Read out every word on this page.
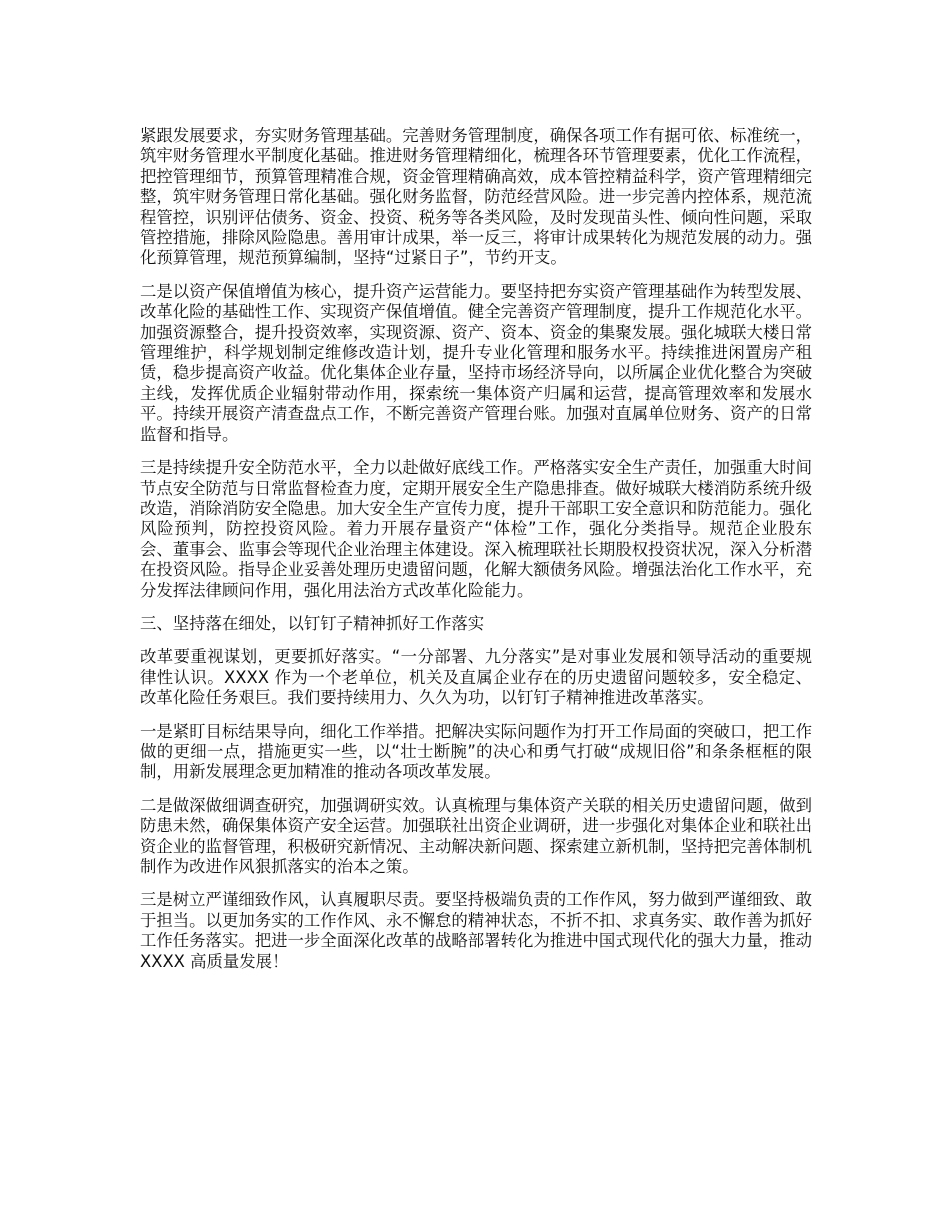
紧跟发展要求，夯实财务管理基础。完善财务管理制度，确保各项工作有据可依、标准统一，筑牢财务管理水平制度化基础。推进财务管理精细化，梳理各环节管理要素，优化工作流程，把控管理细节，预算管理精准合规，资金管理精确高效，成本管控精益科学，资产管理精细完整，筑牢财务管理日常化基础。强化财务监督，防范经营风险。进一步完善内控体系，规范流程管控，识别评估债务、资金、投资、税务等各类风险，及时发现苗头性、倾向性问题，采取管控措施，排除风险隐患。善用审计成果，举一反三，将审计成果转化为规范发展的动力。强化预算管理，规范预算编制，坚持“过紧日子”，节约开支。

二是以资产保值增值为核心，提升资产运营能力。要坚持把夯实资产管理基础作为转型发展、改革化险的基础性工作、实现资产保值增值。健全完善资产管理制度，提升工作规范化水平。加强资源整合，提升投资效率，实现资源、资产、资本、资金的集聚发展。强化城联大楼日常管理维护，科学规划制定维修改造计划，提升专业化管理和服务水平。持续推进闲置房产租赁，稳步提高资产收益。优化集体企业存量，坚持市场经济导向，以所属企业优化整合为突破主线，发挥优质企业辐射带动作用，探索统一集体资产归属和运营，提高管理效率和发展水平。持续开展资产清查盘点工作，不断完善资产管理台账。加强对直属单位财务、资产的日常监督和指导。

三是持续提升安全防范水平，全力以赴做好底线工作。严格落实安全生产责任，加强重大时间节点安全防范与日常监督检查力度，定期开展安全生产隐患排查。做好城联大楼消防系统升级改造，消除消防安全隐患。加大安全生产宣传力度，提升干部职工安全意识和防范能力。强化风险预判，防控投资风险。着力开展存量资产“体检”工作，强化分类指导。规范企业股东会、董事会、监事会等现代企业治理主体建设。深入梳理联社长期股权投资状况，深入分析潜在投资风险。指导企业妥善处理历史遗留问题，化解大额债务风险。增强法治化工作水平，充分发挥法律顾问作用，强化用法治方式改革化险能力。

三、坚持落在细处，以钉钉子精神抓好工作落实

改革要重视谋划，更要抓好落实。“一分部署、九分落实”是对事业发展和领导活动的重要规律性认识。XXXX 作为一个老单位，机关及直属企业存在的历史遗留问题较多，安全稳定、改革化险任务艰巨。我们要持续用力、久久为功，以钉钉子精神推进改革落实。

一是紧盯目标结果导向，细化工作举措。把解决实际问题作为打开工作局面的突破口，把工作做的更细一点，措施更实一些，以“壮士断腕”的决心和勇气打破“成规旧俗”和条条框框的限制，用新发展理念更加精准的推动各项改革发展。

二是做深做细调查研究，加强调研实效。认真梳理与集体资产关联的相关历史遗留问题，做到防患未然，确保集体资产安全运营。加强联社出资企业调研，进一步强化对集体企业和联社出资企业的监督管理，积极研究新情况、主动解决新问题、探索建立新机制，坚持把完善体制机制作为改进作风狠抓落实的治本之策。

三是树立严谨细致作风，认真履职尽责。要坚持极端负责的工作作风，努力做到严谨细致、敢于担当。以更加务实的工作作风、永不懈怠的精神状态，不折不扣、求真务实、敢作善为抓好工作任务落实。把进一步全面深化改革的战略部署转化为推进中国式现代化的强大力量，推动 XXXX 高质量发展！
